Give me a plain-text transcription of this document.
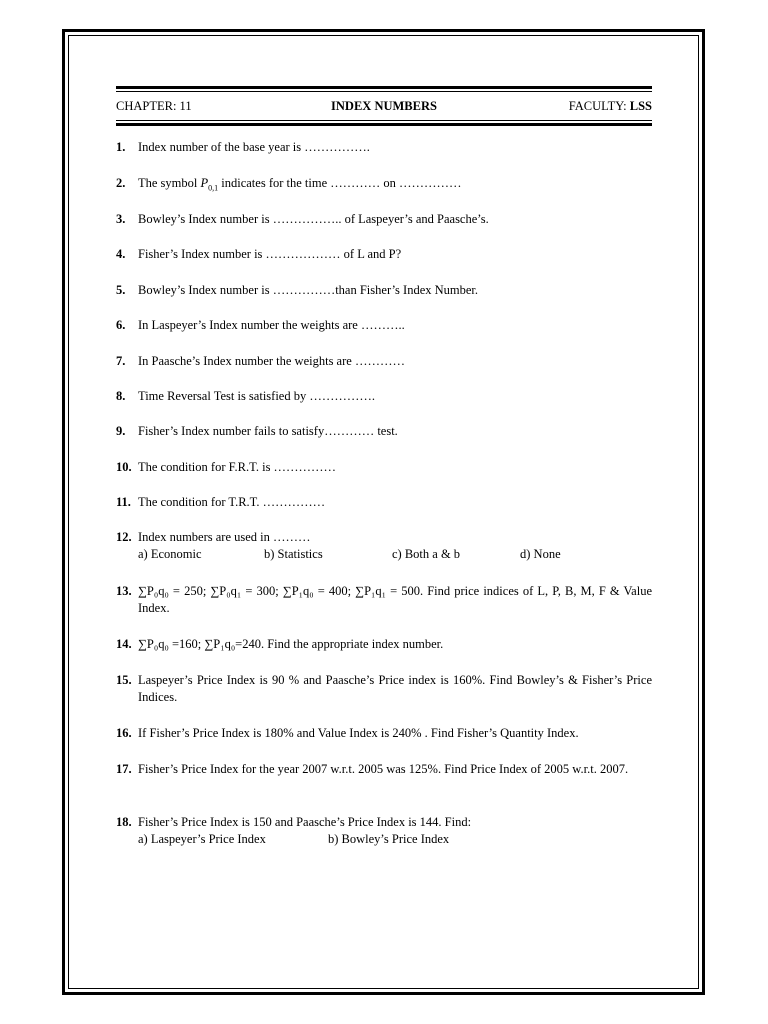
CHAPTER: 11	INDEX NUMBERS	FACULTY: LSS
1. Index number of the base year is …………….
2. The symbol $P_{0,1}$ indicates for the time ………… on ……………
3. Bowley’s Index number is …………….. of Laspeyer’s and Paasche’s.
4. Fisher’s Index number is ……………… of L and P?
5. Bowley’s Index number is ……………than Fisher’s Index Number.
6. In Laspeyer’s Index number the weights are ………..
7. In Paasche’s Index number the weights are …………
8. Time Reversal Test is satisfied by …………….
9. Fisher’s Index number fails to satisfy………… test.
10. The condition for F.R.T. is ……………
11. The condition for T.R.T. ……………
12. Index numbers are used in ………
a) Economic	b) Statistics	c) Both a & b	d) None
13. ∑P₀q₀ = 250; ∑P₀q₁ = 300; ∑P₁q₀ = 400; ∑P₁q₁ = 500. Find price indices of L, P, B, M, F & Value Index.
14. ∑P₀q₀ =160; ∑P₁q₀=240. Find the appropriate index number.
15. Laspeyer’s Price Index is 90 % and Paasche’s Price index is 160%. Find Bowley’s & Fisher’s Price Indices.
16. If Fisher’s Price Index is 180% and Value Index is 240% . Find Fisher’s Quantity Index.
17. Fisher’s Price Index for the year 2007 w.r.t. 2005 was 125%. Find Price Index of 2005 w.r.t. 2007.
18. Fisher’s Price Index is 150 and Paasche’s Price Index is 144. Find:
a) Laspeyer’s Price Index	b) Bowley’s Price Index
